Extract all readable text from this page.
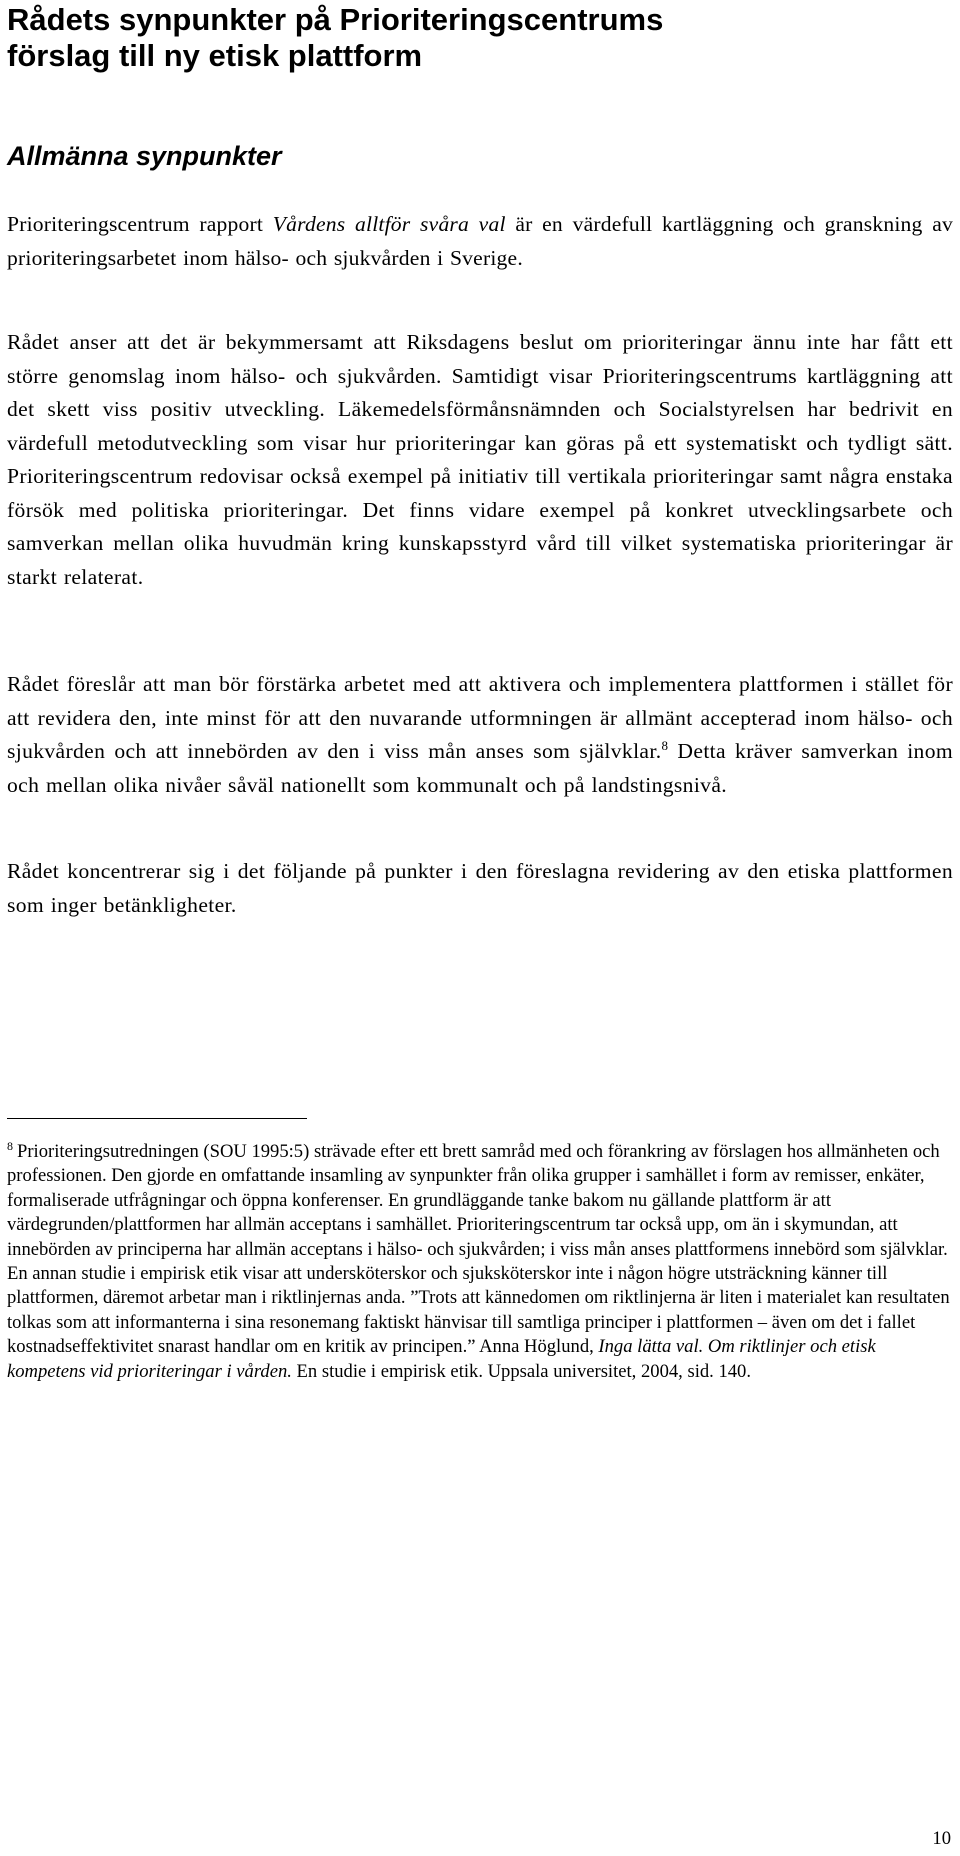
Rådets synpunkter på Prioriteringscentrums
förslag till ny etisk plattform
Allmänna synpunkter

Prioriteringscentrum rapport Vårdens alltför svåra val är en värdefull kartläggning och granskning av prioriteringsarbetet inom hälso- och sjukvården i Sverige.

Rådet anser att det är bekymmersamt att Riksdagens beslut om prioriteringar ännu inte har fått ett större genomslag inom hälso- och sjukvården. Samtidigt visar Prioriteringscentrums kartläggning att det skett viss positiv utveckling. Läkemedelsförmånsnämnden och Socialstyrelsen har bedrivit en värdefull metodutveckling som visar hur prioriteringar kan göras på ett systematiskt och tydligt sätt. Prioriteringscentrum redovisar också exempel på initiativ till vertikala prioriteringar samt några enstaka försök med politiska prioriteringar. Det finns vidare exempel på konkret utvecklingsarbete och samverkan mellan olika huvudmän kring kunskapsstyrd vård till vilket systematiska prioriteringar är starkt relaterat.

Rådet föreslår att man bör förstärka arbetet med att aktivera och implementera plattformen i stället för att revidera den, inte minst för att den nuvarande utformningen är allmänt accepterad inom hälso- och sjukvården och att innebörden av den i viss mån anses som självklar.$^8$ Detta kräver samverkan inom och mellan olika nivåer såväl nationellt som kommunalt och på landstingsnivå.

Rådet koncentrerar sig i det följande på punkter i den föreslagna revidering av den etiska plattformen som inger betänkligheter.

$^8$ Prioriteringsutredningen (SOU 1995:5) strävade efter ett brett samråd med och förankring av förslagen hos allmänheten och professionen. Den gjorde en omfattande insamling av synpunkter från olika grupper i samhället i form av remisser, enkäter, formaliserade utfrågningar och öppna konferenser. En grundläggande tanke bakom nu gällande plattform är att värdegrunden/plattformen har allmän acceptans i samhället. Prioriteringscentrum tar också upp, om än i skymundan, att innebörden av principerna har allmän acceptans i hälso- och sjukvården; i viss mån anses plattformens innebörd som självklar. En annan studie i empirisk etik visar att undersköterskor och sjuksköterskor inte i någon högre utsträckning känner till plattformen, däremot arbetar man i riktlinjernas anda. ”Trots att kännedomen om riktlinjerna är liten i materialet kan resultaten tolkas som att informanterna i sina resonemang faktiskt hänvisar till samtliga principer i plattformen – även om det i fallet kostnadseffektivitet snarast handlar om en kritik av principen.” Anna Höglund, Inga lätta val. Om riktlinjer och etisk kompetens vid prioriteringar i vården. En studie i empirisk etik. Uppsala universitet, 2004, sid. 140.

10
